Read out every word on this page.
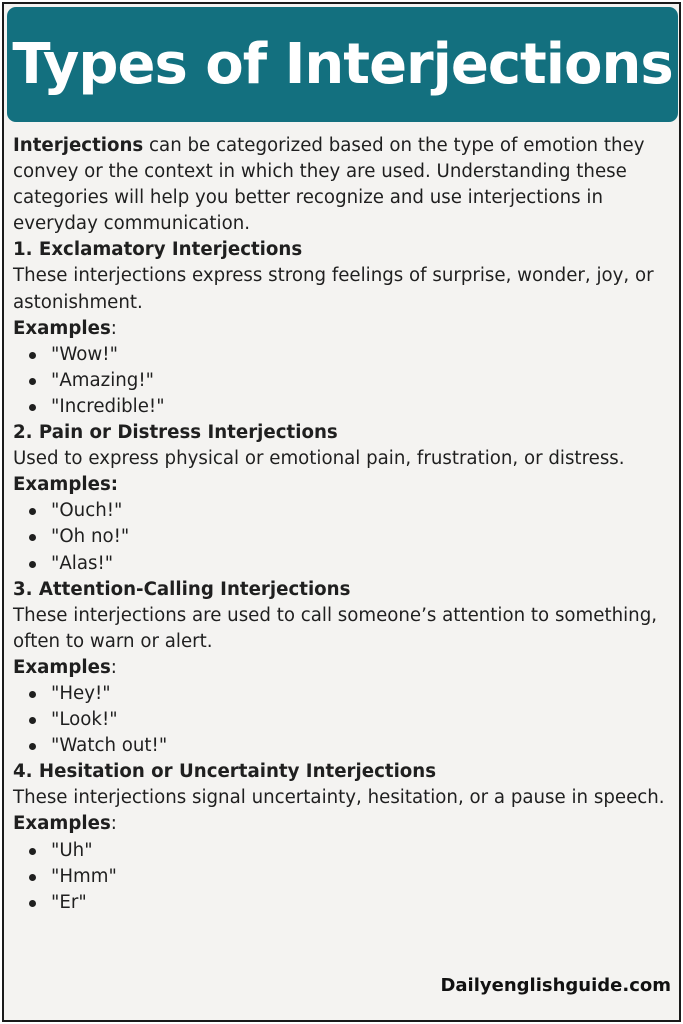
Types of Interjections

Interjections can be categorized based on the type of emotion they convey or the context in which they are used. Understanding these categories will help you better recognize and use interjections in everyday communication.

1. Exclamatory Interjections

These interjections express strong feelings of surprise, wonder, joy, or astonishment.

Examples:

"Wow!"
"Amazing!"
"Incredible!"

2. Pain or Distress Interjections

Used to express physical or emotional pain, frustration, or distress.

Examples:

"Ouch!"
"Oh no!"
"Alas!"

3. Attention-Calling Interjections

These interjections are used to call someone’s attention to something, often to warn or alert.

Examples:

"Hey!"
"Look!"
"Watch out!"

4. Hesitation or Uncertainty Interjections

These interjections signal uncertainty, hesitation, or a pause in speech.

Examples:

"Uh"
"Hmm"
"Er"
Dailyenglishguide.com
